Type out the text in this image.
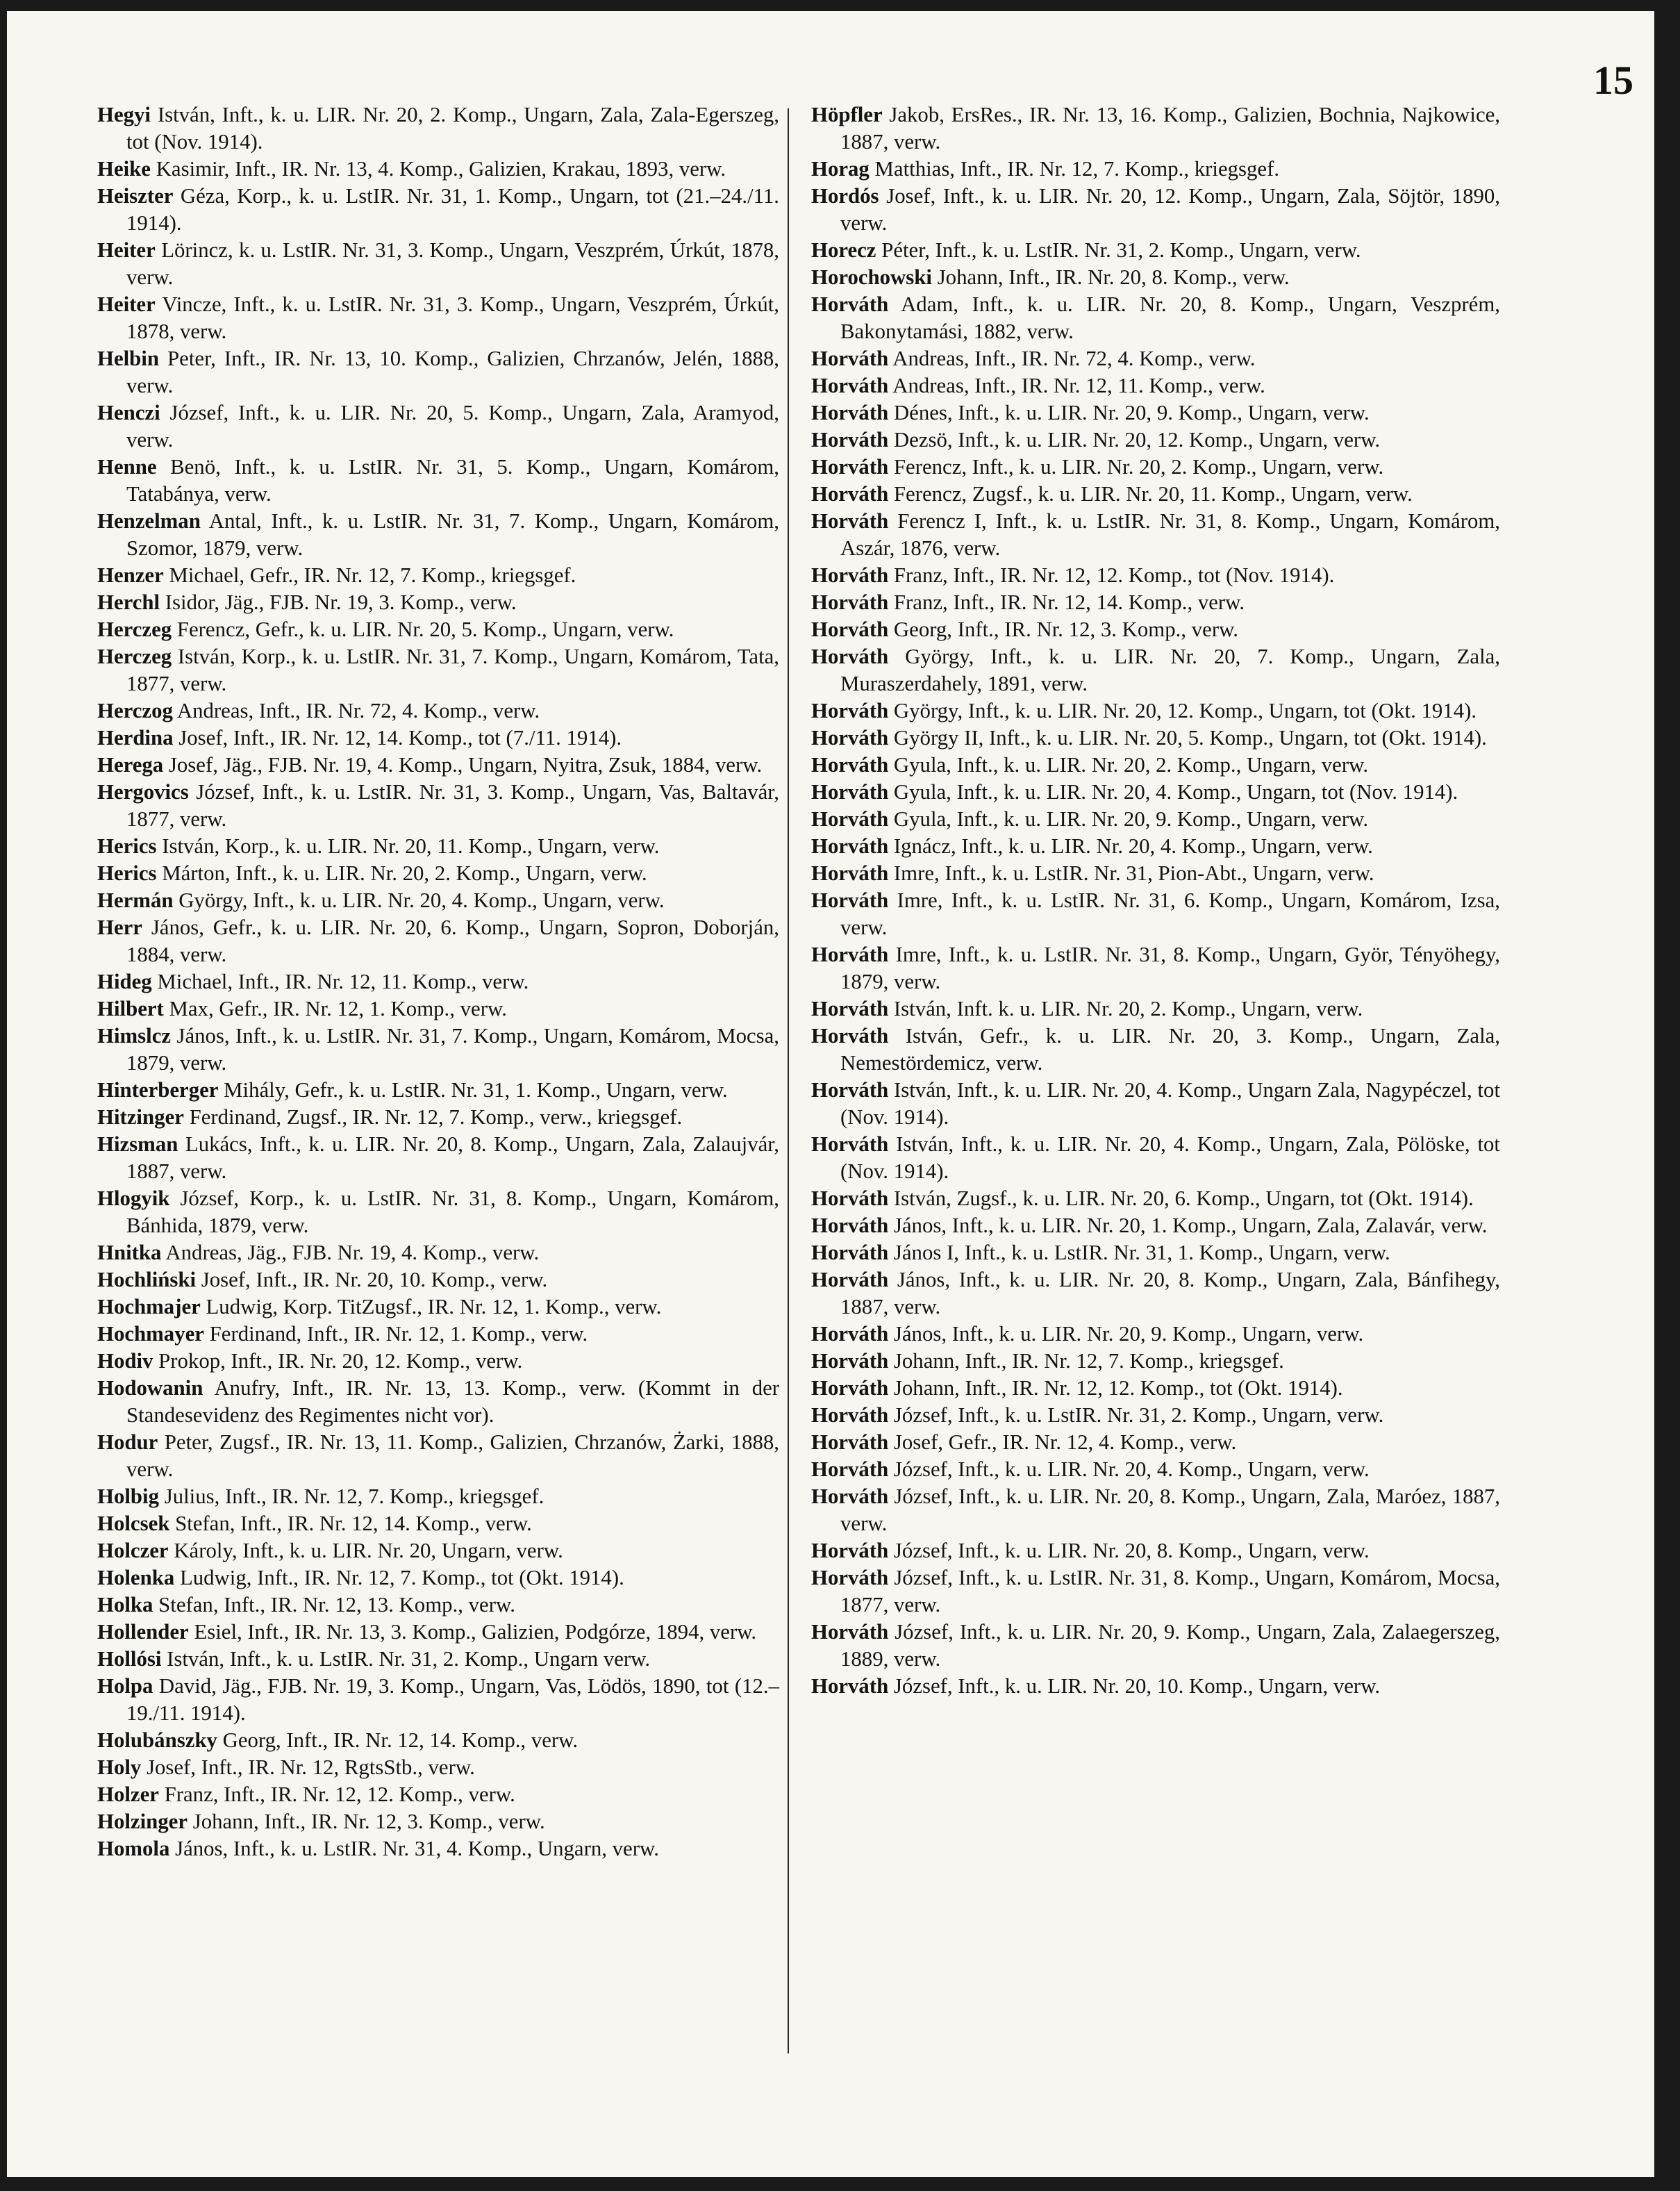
15

Hegyi István, Inft., k. u. LIR. Nr. 20, 2. Komp., Ungarn, Zala, Zala-Egerszeg, tot (Nov. 1914).

Heike Kasimir, Inft., IR. Nr. 13, 4. Komp., Galizien, Krakau, 1893, verw.

Heiszter Géza, Korp., k. u. LstIR. Nr. 31, 1. Komp., Ungarn, tot (21.–24./11. 1914).

Heiter Lörincz, k. u. LstIR. Nr. 31, 3. Komp., Ungarn, Veszprém, Úrkút, 1878, verw.

Heiter Vincze, Inft., k. u. LstIR. Nr. 31, 3. Komp., Ungarn, Veszprém, Úrkút, 1878, verw.

Helbin Peter, Inft., IR. Nr. 13, 10. Komp., Galizien, Chrzanów, Jelén, 1888, verw.

Henczi József, Inft., k. u. LIR. Nr. 20, 5. Komp., Ungarn, Zala, Aramyod, verw.

Henne Benö, Inft., k. u. LstIR. Nr. 31, 5. Komp., Ungarn, Komárom, Tatabánya, verw.

Henzelman Antal, Inft., k. u. LstIR. Nr. 31, 7. Komp., Ungarn, Komárom, Szomor, 1879, verw.

Henzer Michael, Gefr., IR. Nr. 12, 7. Komp., kriegsgef.

Herchl Isidor, Jäg., FJB. Nr. 19, 3. Komp., verw.

Herczeg Ferencz, Gefr., k. u. LIR. Nr. 20, 5. Komp., Ungarn, verw.

Herczeg István, Korp., k. u. LstIR. Nr. 31, 7. Komp., Ungarn, Komárom, Tata, 1877, verw.

Herczog Andreas, Inft., IR. Nr. 72, 4. Komp., verw.

Herdina Josef, Inft., IR. Nr. 12, 14. Komp., tot (7./11. 1914).

Herega Josef, Jäg., FJB. Nr. 19, 4. Komp., Ungarn, Nyitra, Zsuk, 1884, verw.

Hergovics József, Inft., k. u. LstIR. Nr. 31, 3. Komp., Ungarn, Vas, Baltavár, 1877, verw.

Herics István, Korp., k. u. LIR. Nr. 20, 11. Komp., Ungarn, verw.

Herics Márton, Inft., k. u. LIR. Nr. 20, 2. Komp., Ungarn, verw.

Hermán György, Inft., k. u. LIR. Nr. 20, 4. Komp., Ungarn, verw.

Herr János, Gefr., k. u. LIR. Nr. 20, 6. Komp., Ungarn, Sopron, Doborján, 1884, verw.

Hideg Michael, Inft., IR. Nr. 12, 11. Komp., verw.

Hilbert Max, Gefr., IR. Nr. 12, 1. Komp., verw.

Himslcz János, Inft., k. u. LstIR. Nr. 31, 7. Komp., Ungarn, Komárom, Mocsa, 1879, verw.

Hinterberger Mihály, Gefr., k. u. LstIR. Nr. 31, 1. Komp., Ungarn, verw.

Hitzinger Ferdinand, Zugsf., IR. Nr. 12, 7. Komp., verw., kriegsgef.

Hizsman Lukács, Inft., k. u. LIR. Nr. 20, 8. Komp., Ungarn, Zala, Zalaujvár, 1887, verw.

Hlogyik József, Korp., k. u. LstIR. Nr. 31, 8. Komp., Ungarn, Komárom, Bánhida, 1879, verw.

Hnitka Andreas, Jäg., FJB. Nr. 19, 4. Komp., verw.

Hochliński Josef, Inft., IR. Nr. 20, 10. Komp., verw.

Hochmajer Ludwig, Korp. TitZugsf., IR. Nr. 12, 1. Komp., verw.

Hochmayer Ferdinand, Inft., IR. Nr. 12, 1. Komp., verw.

Hodiv Prokop, Inft., IR. Nr. 20, 12. Komp., verw.

Hodowanin Anufry, Inft., IR. Nr. 13, 13. Komp., verw. (Kommt in der Standesevidenz des Regimentes nicht vor).

Hodur Peter, Zugsf., IR. Nr. 13, 11. Komp., Galizien, Chrzanów, Żarki, 1888, verw.

Holbig Julius, Inft., IR. Nr. 12, 7. Komp., kriegsgef.

Holcsek Stefan, Inft., IR. Nr. 12, 14. Komp., verw.

Holczer Károly, Inft., k. u. LIR. Nr. 20, Ungarn, verw.

Holenka Ludwig, Inft., IR. Nr. 12, 7. Komp., tot (Okt. 1914).

Holka Stefan, Inft., IR. Nr. 12, 13. Komp., verw.

Hollender Esiel, Inft., IR. Nr. 13, 3. Komp., Galizien, Podgórze, 1894, verw.

Hollósi István, Inft., k. u. LstIR. Nr. 31, 2. Komp., Ungarn verw.

Holpa David, Jäg., FJB. Nr. 19, 3. Komp., Ungarn, Vas, Lödös, 1890, tot (12.–19./11. 1914).

Holubánszky Georg, Inft., IR. Nr. 12, 14. Komp., verw.

Holy Josef, Inft., IR. Nr. 12, RgtsStb., verw.

Holzer Franz, Inft., IR. Nr. 12, 12. Komp., verw.

Holzinger Johann, Inft., IR. Nr. 12, 3. Komp., verw.

Homola János, Inft., k. u. LstIR. Nr. 31, 4. Komp., Ungarn, verw.

Höpfler Jakob, ErsRes., IR. Nr. 13, 16. Komp., Galizien, Bochnia, Najkowice, 1887, verw.

Horag Matthias, Inft., IR. Nr. 12, 7. Komp., kriegsgef.

Hordós Josef, Inft., k. u. LIR. Nr. 20, 12. Komp., Ungarn, Zala, Söjtör, 1890, verw.

Horecz Péter, Inft., k. u. LstIR. Nr. 31, 2. Komp., Ungarn, verw.

Horochowski Johann, Inft., IR. Nr. 20, 8. Komp., verw.

Horváth Adam, Inft., k. u. LIR. Nr. 20, 8. Komp., Ungarn, Veszprém, Bakonytamási, 1882, verw.

Horváth Andreas, Inft., IR. Nr. 72, 4. Komp., verw.

Horváth Andreas, Inft., IR. Nr. 12, 11. Komp., verw.

Horváth Dénes, Inft., k. u. LIR. Nr. 20, 9. Komp., Ungarn, verw.

Horváth Dezsö, Inft., k. u. LIR. Nr. 20, 12. Komp., Ungarn, verw.

Horváth Ferencz, Inft., k. u. LIR. Nr. 20, 2. Komp., Ungarn, verw.

Horváth Ferencz, Zugsf., k. u. LIR. Nr. 20, 11. Komp., Ungarn, verw.

Horváth Ferencz I, Inft., k. u. LstIR. Nr. 31, 8. Komp., Ungarn, Komárom, Aszár, 1876, verw.

Horváth Franz, Inft., IR. Nr. 12, 12. Komp., tot (Nov. 1914).

Horváth Franz, Inft., IR. Nr. 12, 14. Komp., verw.

Horváth Georg, Inft., IR. Nr. 12, 3. Komp., verw.

Horváth György, Inft., k. u. LIR. Nr. 20, 7. Komp., Ungarn, Zala, Muraszerdahely, 1891, verw.

Horváth György, Inft., k. u. LIR. Nr. 20, 12. Komp., Ungarn, tot (Okt. 1914).

Horváth György II, Inft., k. u. LIR. Nr. 20, 5. Komp., Ungarn, tot (Okt. 1914).

Horváth Gyula, Inft., k. u. LIR. Nr. 20, 2. Komp., Ungarn, verw.

Horváth Gyula, Inft., k. u. LIR. Nr. 20, 4. Komp., Ungarn, tot (Nov. 1914).

Horváth Gyula, Inft., k. u. LIR. Nr. 20, 9. Komp., Ungarn, verw.

Horváth Ignácz, Inft., k. u. LIR. Nr. 20, 4. Komp., Ungarn, verw.

Horváth Imre, Inft., k. u. LstIR. Nr. 31, Pion-Abt., Ungarn, verw.

Horváth Imre, Inft., k. u. LstIR. Nr. 31, 6. Komp., Ungarn, Komárom, Izsa, verw.

Horváth Imre, Inft., k. u. LstIR. Nr. 31, 8. Komp., Ungarn, Györ, Tényöhegy, 1879, verw.

Horváth István, Inft. k. u. LIR. Nr. 20, 2. Komp., Ungarn, verw.

Horváth István, Gefr., k. u. LIR. Nr. 20, 3. Komp., Ungarn, Zala, Nemestördemicz, verw.

Horváth István, Inft., k. u. LIR. Nr. 20, 4. Komp., Ungarn Zala, Nagypéczel, tot (Nov. 1914).

Horváth István, Inft., k. u. LIR. Nr. 20, 4. Komp., Ungarn, Zala, Pölöske, tot (Nov. 1914).

Horváth István, Zugsf., k. u. LIR. Nr. 20, 6. Komp., Ungarn, tot (Okt. 1914).

Horváth János, Inft., k. u. LIR. Nr. 20, 1. Komp., Ungarn, Zala, Zalavár, verw.

Horváth János I, Inft., k. u. LstIR. Nr. 31, 1. Komp., Ungarn, verw.

Horváth János, Inft., k. u. LIR. Nr. 20, 8. Komp., Ungarn, Zala, Bánfihegy, 1887, verw.

Horváth János, Inft., k. u. LIR. Nr. 20, 9. Komp., Ungarn, verw.

Horváth Johann, Inft., IR. Nr. 12, 7. Komp., kriegsgef.

Horváth Johann, Inft., IR. Nr. 12, 12. Komp., tot (Okt. 1914).

Horváth József, Inft., k. u. LstIR. Nr. 31, 2. Komp., Ungarn, verw.

Horváth Josef, Gefr., IR. Nr. 12, 4. Komp., verw.

Horváth József, Inft., k. u. LIR. Nr. 20, 4. Komp., Ungarn, verw.

Horváth József, Inft., k. u. LIR. Nr. 20, 8. Komp., Ungarn, Zala, Maróez, 1887, verw.

Horváth József, Inft., k. u. LIR. Nr. 20, 8. Komp., Ungarn, verw.

Horváth József, Inft., k. u. LstIR. Nr. 31, 8. Komp., Ungarn, Komárom, Mocsa, 1877, verw.

Horváth József, Inft., k. u. LIR. Nr. 20, 9. Komp., Ungarn, Zala, Zalaegerszeg, 1889, verw.

Horváth József, Inft., k. u. LIR. Nr. 20, 10. Komp., Ungarn, verw.
